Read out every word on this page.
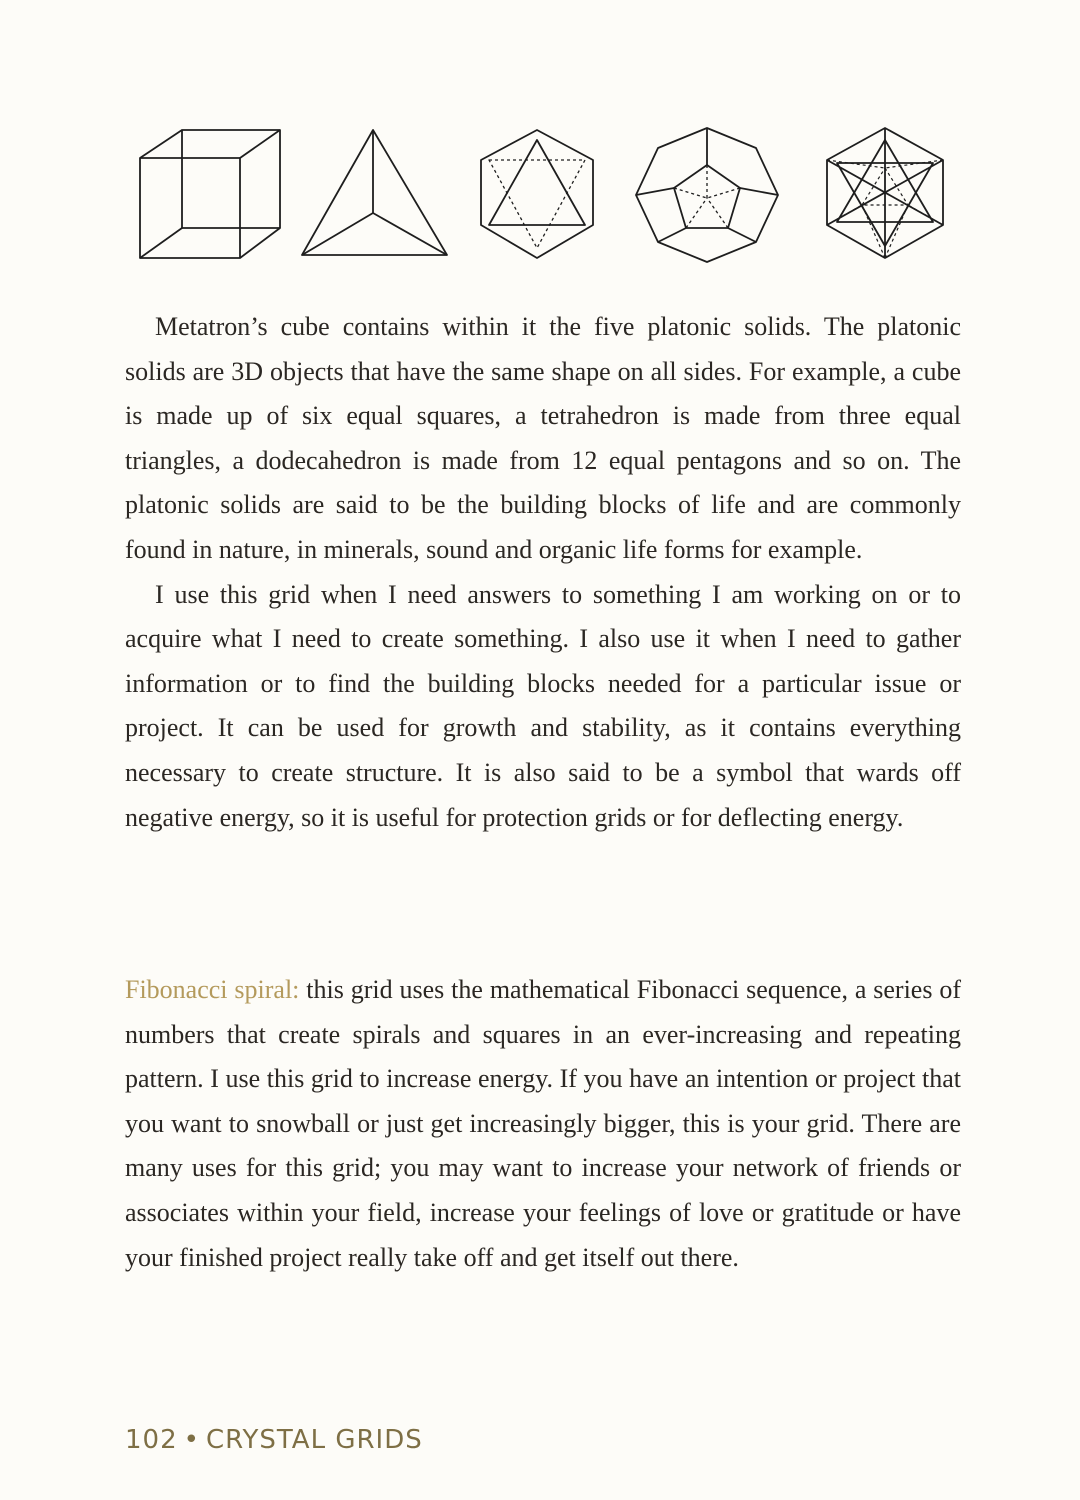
Metatron’s cube contains within it the five platonic solids. The platonic solids are 3D objects that have the same shape on all sides. For example, a cube is made up of six equal squares, a tetrahedron is made from three equal triangles, a dodecahedron is made from 12 equal pentagons and so on. The platonic solids are said to be the building blocks of life and are commonly found in nature, in minerals, sound and organic life forms for example.

I use this grid when I need answers to something I am working on or to acquire what I need to create something. I also use it when I need to gather information or to find the building blocks needed for a particular issue or project. It can be used for growth and stability, as it contains everything necessary to create structure. It is also said to be a symbol that wards off negative energy, so it is useful for protection grids or for deflecting energy.

Fibonacci spiral: this grid uses the mathematical Fibonacci sequence, a series of numbers that create spirals and squares in an ever-increasing and repeating pattern. I use this grid to increase energy. If you have an intention or project that you want to snowball or just get increasingly bigger, this is your grid. There are many uses for this grid; you may want to increase your network of friends or associates within your field, increase your feelings of love or gratitude or have your finished project really take off and get itself out there.

102 • CRYSTAL GRIDS
